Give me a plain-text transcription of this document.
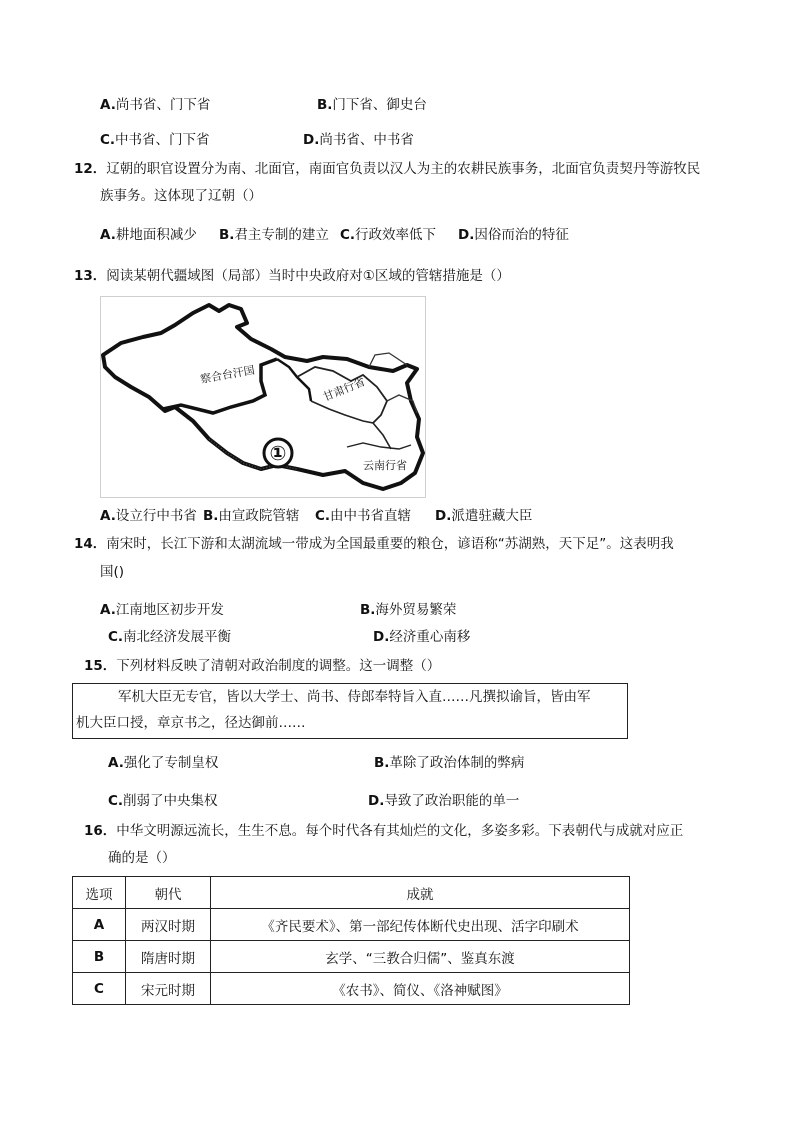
A.尚书省、门下省	B.门下省、御史台
C.中书省、门下省	D.尚书省、中书省
12．辽朝的职官设置分为南、北面官，南面官负责以汉人为主的农耕民族事务，北面官负责契丹等游牧民
族事务。这体现了辽朝（）
A.耕地面积减少 B.君主专制的建立 C.行政效率低下 D.因俗而治的特征
13．阅读某朝代疆域图（局部）当时中央政府对①区域的管辖措施是（）
察合台汗国
甘肃行省
云南行省
①
A.设立行中书省 B.由宣政院管辖 C.由中书省直辖 D.派遣驻藏大臣
14．南宋时，长江下游和太湖流域一带成为全国最重要的粮仓，谚语称“苏湖熟，天下足”。这表明我
国()
A.江南地区初步开发	B.海外贸易繁荣
C.南北经济发展平衡	D.经济重心南移
15．下列材料反映了清朝对政治制度的调整。这一调整（）
军机大臣无专官，皆以大学士、尚书、侍郎奉特旨入直……凡撰拟谕旨，皆由军
机大臣口授，章京书之，径达御前……
A.强化了专制皇权	B.革除了政治体制的弊病
C.削弱了中央集权	D.导致了政治职能的单一
16．中华文明源远流长，生生不息。每个时代各有其灿烂的文化，多姿多彩。下表朝代与成就对应正
确的是（）
选项	朝代	成就
A	两汉时期	《齐民要术》、第一部纪传体断代史出现、活字印刷术
B	隋唐时期	玄学、“三教合归儒”、鉴真东渡
C	宋元时期	《农书》、简仪、《洛神赋图》
